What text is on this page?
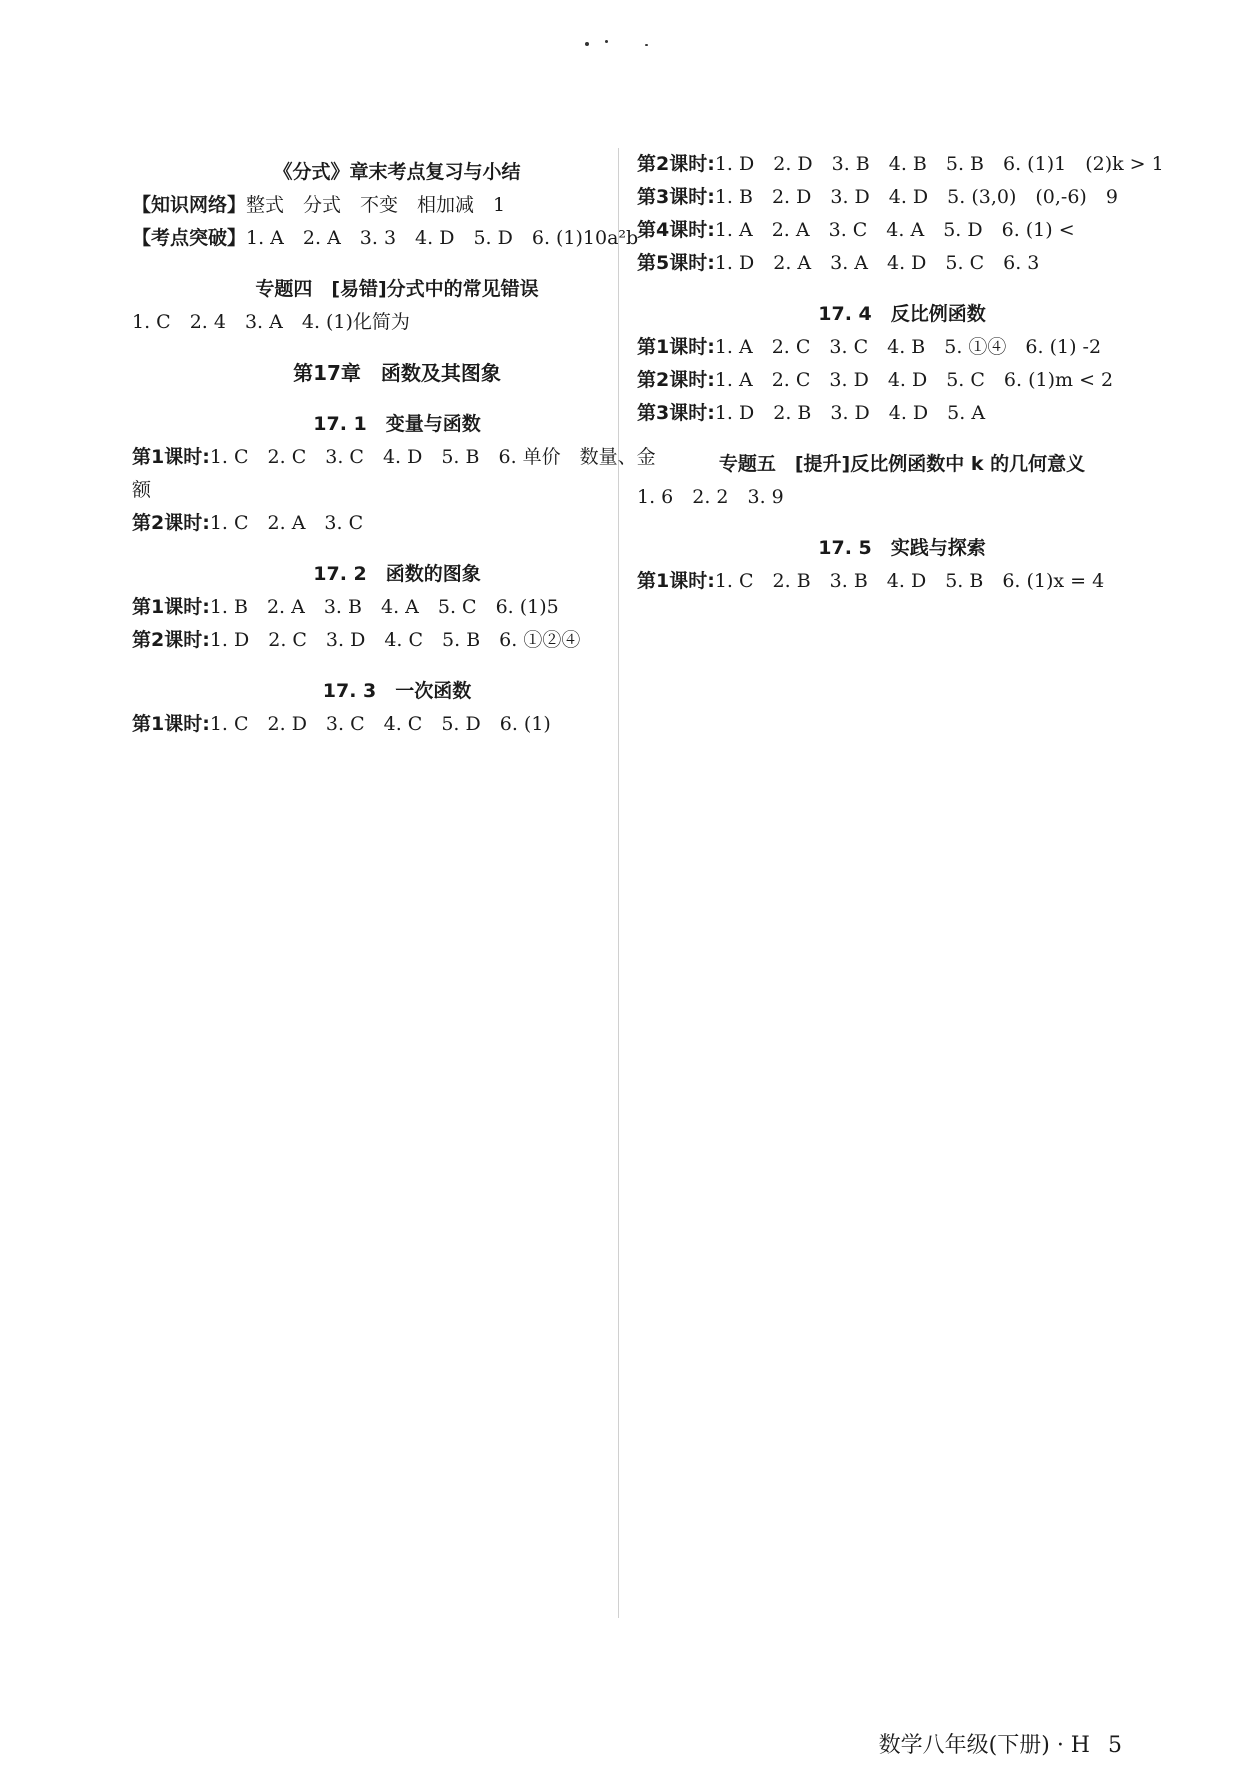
《分式》章末考点复习与小结
【知识网络】整式　分式　不变　相加减　1
【考点突破】1. A　2. A　3. 3　4. D　5. D　6. (1)10a²b
专题四　[易错]分式中的常见错误
1. C　2. 4　3. A　4. (1)化简为
第17章　函数及其图象
17. 1　变量与函数
第1课时:1. C　2. C　3. C　4. D　5. B　6. 单价　数量、金额
第2课时:1. C　2. A　3. C
17. 2　函数的图象
第1课时:1. B　2. A　3. B　4. A　5. C　6. (1)5
第2课时:1. D　2. C　3. D　4. C　5. B　6. ①②④
17. 3　一次函数
第1课时:1. C　2. D　3. C　4. C　5. D　6. (1)
第2课时:1. D　2. D　3. B　4. B　5. B　6. (1)1　(2)k > 1
第3课时:1. B　2. D　3. D　4. D　5. (3,0)　(0,-6)　9
第4课时:1. A　2. A　3. C　4. A　5. D　6. (1) <
第5课时:1. D　2. A　3. A　4. D　5. C　6. 3
17. 4　反比例函数
第1课时:1. A　2. C　3. C　4. B　5. ①④　6. (1) -2
第2课时:1. A　2. C　3. D　4. D　5. C　6. (1)m < 2
第3课时:1. D　2. B　3. D　4. D　5. A
专题五　[提升]反比例函数中 k 的几何意义
1. 6　2. 2　3. 9
17. 5　实践与探索
第1课时:1. C　2. B　3. B　4. D　5. B　6. (1)x = 4
数学八年级(下册) · H 5
